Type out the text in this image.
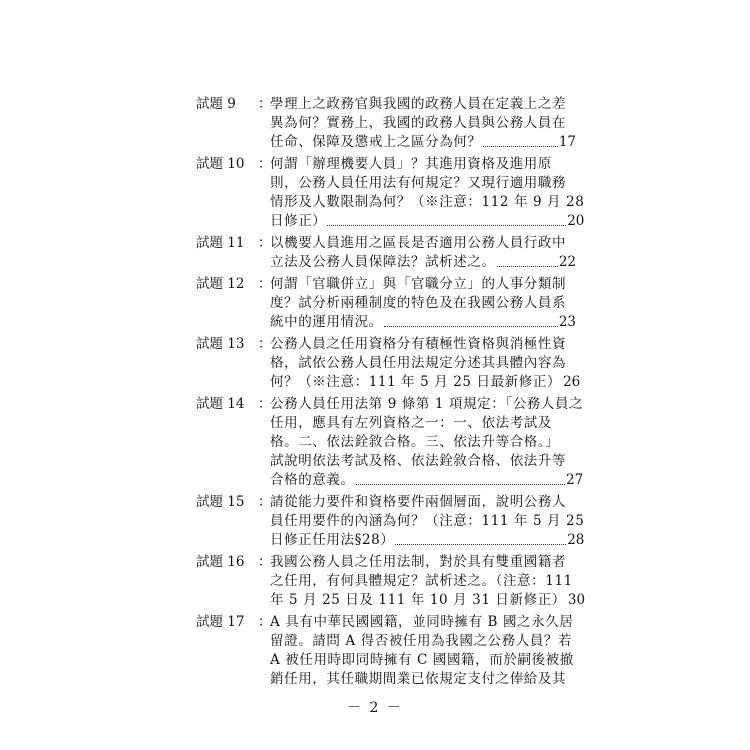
試題 9	：
學理上之政務官與我國的政務人員在定義上之差
異為何？實務上，我國的政務人員與公務人員在
任命、保障及懲戒上之區分為何？	17
試題 10	：
何謂「辦理機要人員」？其進用資格及進用原
則，公務人員任用法有何規定？又現行適用職務
情形及人數限制為何？（※注意：112 年 9 月 28
日修正）	20
試題 11	：
以機要人員進用之區長是否適用公務人員行政中
立法及公務人員保障法？試析述之。	22
試題 12	：
何謂「官職併立」與「官職分立」的人事分類制
度？試分析兩種制度的特色及在我國公務人員系
統中的運用情況。	23
試題 13	：
公務人員之任用資格分有積極性資格與消極性資
格，試依公務人員任用法規定分述其具體內容為
何？（※注意：111 年 5 月 25 日最新修正） 26
試題 14	：
公務人員任用法第 9 條第 1 項規定：「公務人員之
任用，應具有左列資格之一：一、依法考試及
格。二、依法銓敘合格。三、依法升等合格。」
試說明依法考試及格、依法銓敘合格、依法升等
合格的意義。	27
試題 15	：
請從能力要件和資格要件兩個層面，說明公務人
員任用要件的內涵為何？（注意：111 年 5 月 25
日修正任用法§28）	28
試題 16	：
我國公務人員之任用法制，對於具有雙重國籍者
之任用，有何具體規定？試析述之。（注意：111
年 5 月 25 日及 111 年 10 月 31 日新修正） 30
試題 17	：
A 具有中華民國國籍，並同時擁有 B 國之永久居
留證。請問 A 得否被任用為我國之公務人員？若
A 被任用時即同時擁有 C 國國籍，而於嗣後被撤
銷任用，其任職期間業已依規定支付之俸給及其
－ 2 －
